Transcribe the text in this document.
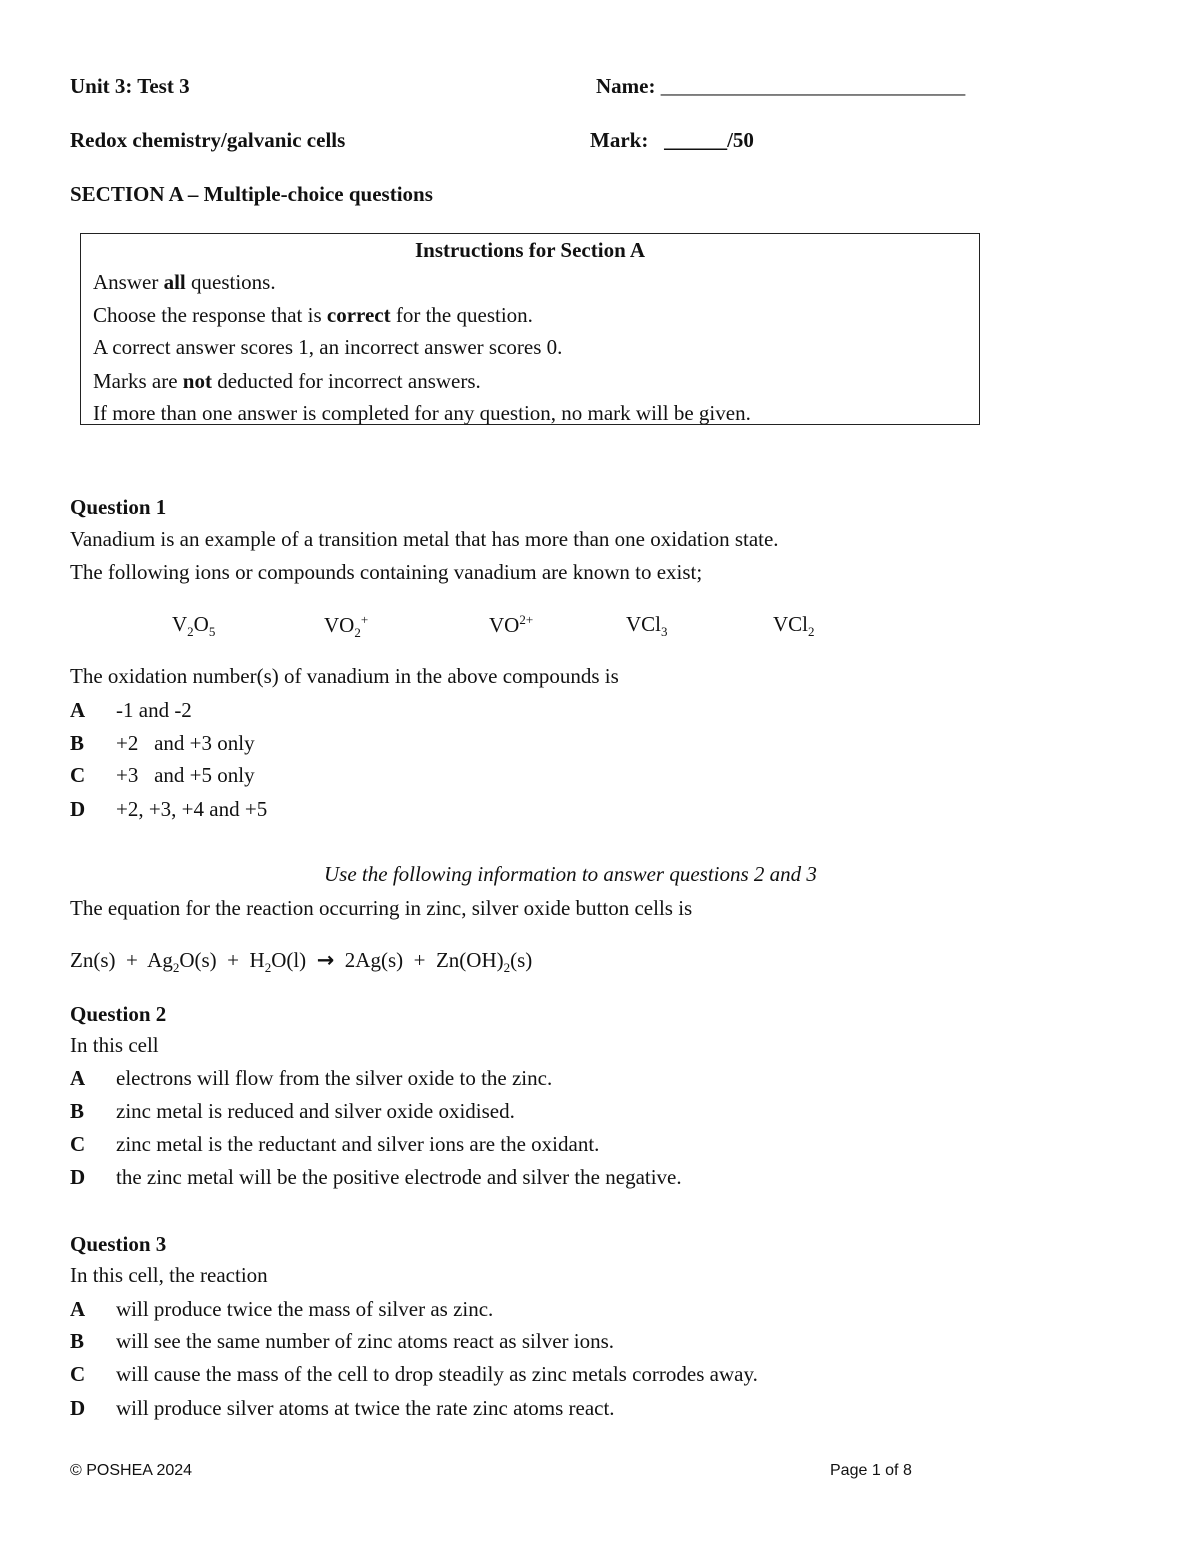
Unit 3: Test 3	Name: _____________________________
Redox chemistry/galvanic cells	Mark: ______/50
SECTION A – Multiple-choice questions
Instructions for Section A
Answer all questions.
Choose the response that is correct for the question.
A correct answer scores 1, an incorrect answer scores 0.
Marks are not deducted for incorrect answers.
If more than one answer is completed for any question, no mark will be given.
Question 1
Vanadium is an example of a transition metal that has more than one oxidation state.
The following ions or compounds containing vanadium are known to exist;
$V_2O_5$	$VO_2^+$	$VO^{2+}$	VCl$_3$	VCl$_2$
The oxidation number(s) of vanadium in the above compounds is
A -1 and -2
B +2   and +3 only
C +3   and +5 only
D +2, +3, +4 and +5
Use the following information to answer questions 2 and 3
The equation for the reaction occurring in zinc, silver oxide button cells is
$Zn(s) + Ag_2O(s) + H_2O(l) \to 2Ag(s) + Zn(OH)_2(s)$
Question 2
In this cell
A electrons will flow from the silver oxide to the zinc.
B zinc metal is reduced and silver oxide oxidised.
C zinc metal is the reductant and silver ions are the oxidant.
D the zinc metal will be the positive electrode and silver the negative.
Question 3
In this cell, the reaction
A will produce twice the mass of silver as zinc.
B will see the same number of zinc atoms react as silver ions.
C will cause the mass of the cell to drop steadily as zinc metals corrodes away.
D will produce silver atoms at twice the rate zinc atoms react.
© POSHEA 2024	Page 1 of 8
